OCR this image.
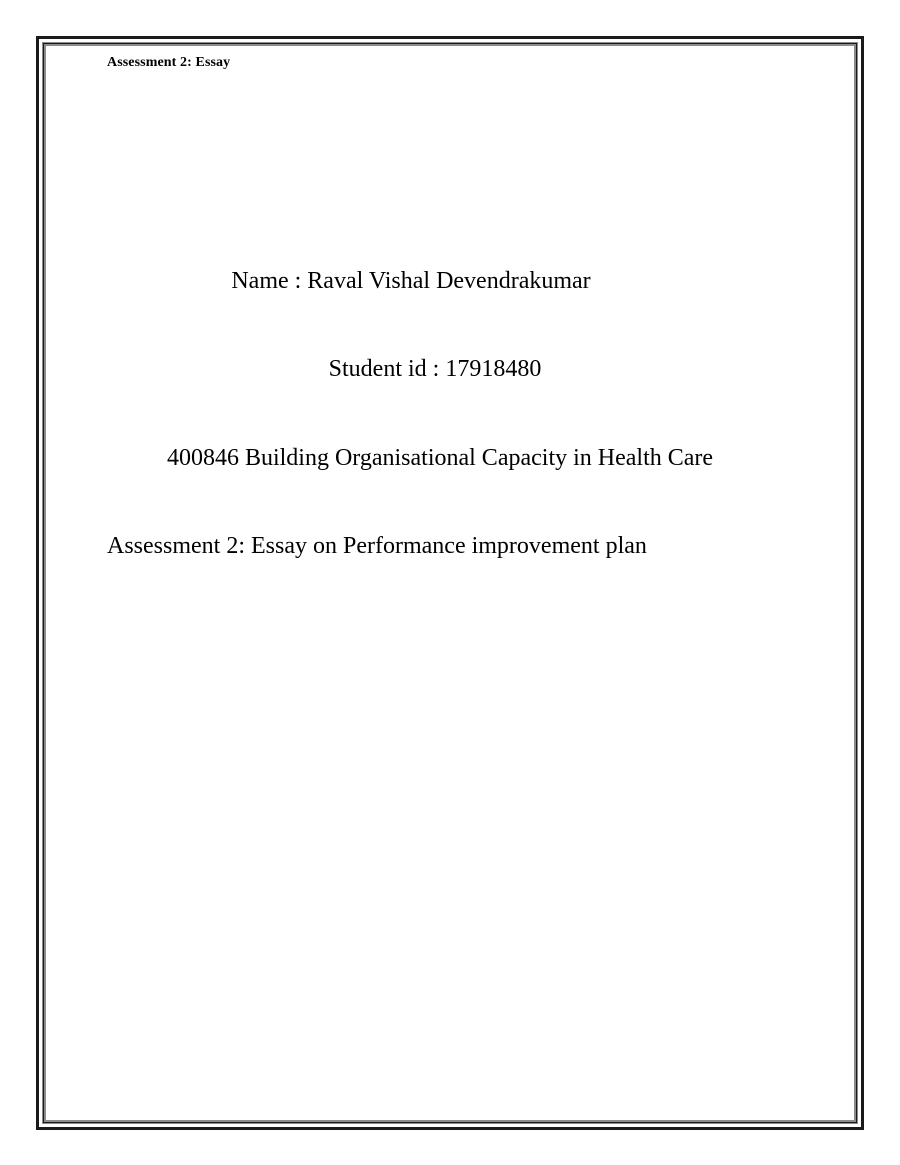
Assessment 2: Essay
Name : Raval Vishal Devendrakumar
Student id : 17918480
400846 Building Organisational Capacity in Health Care
Assessment 2: Essay on Performance improvement plan
